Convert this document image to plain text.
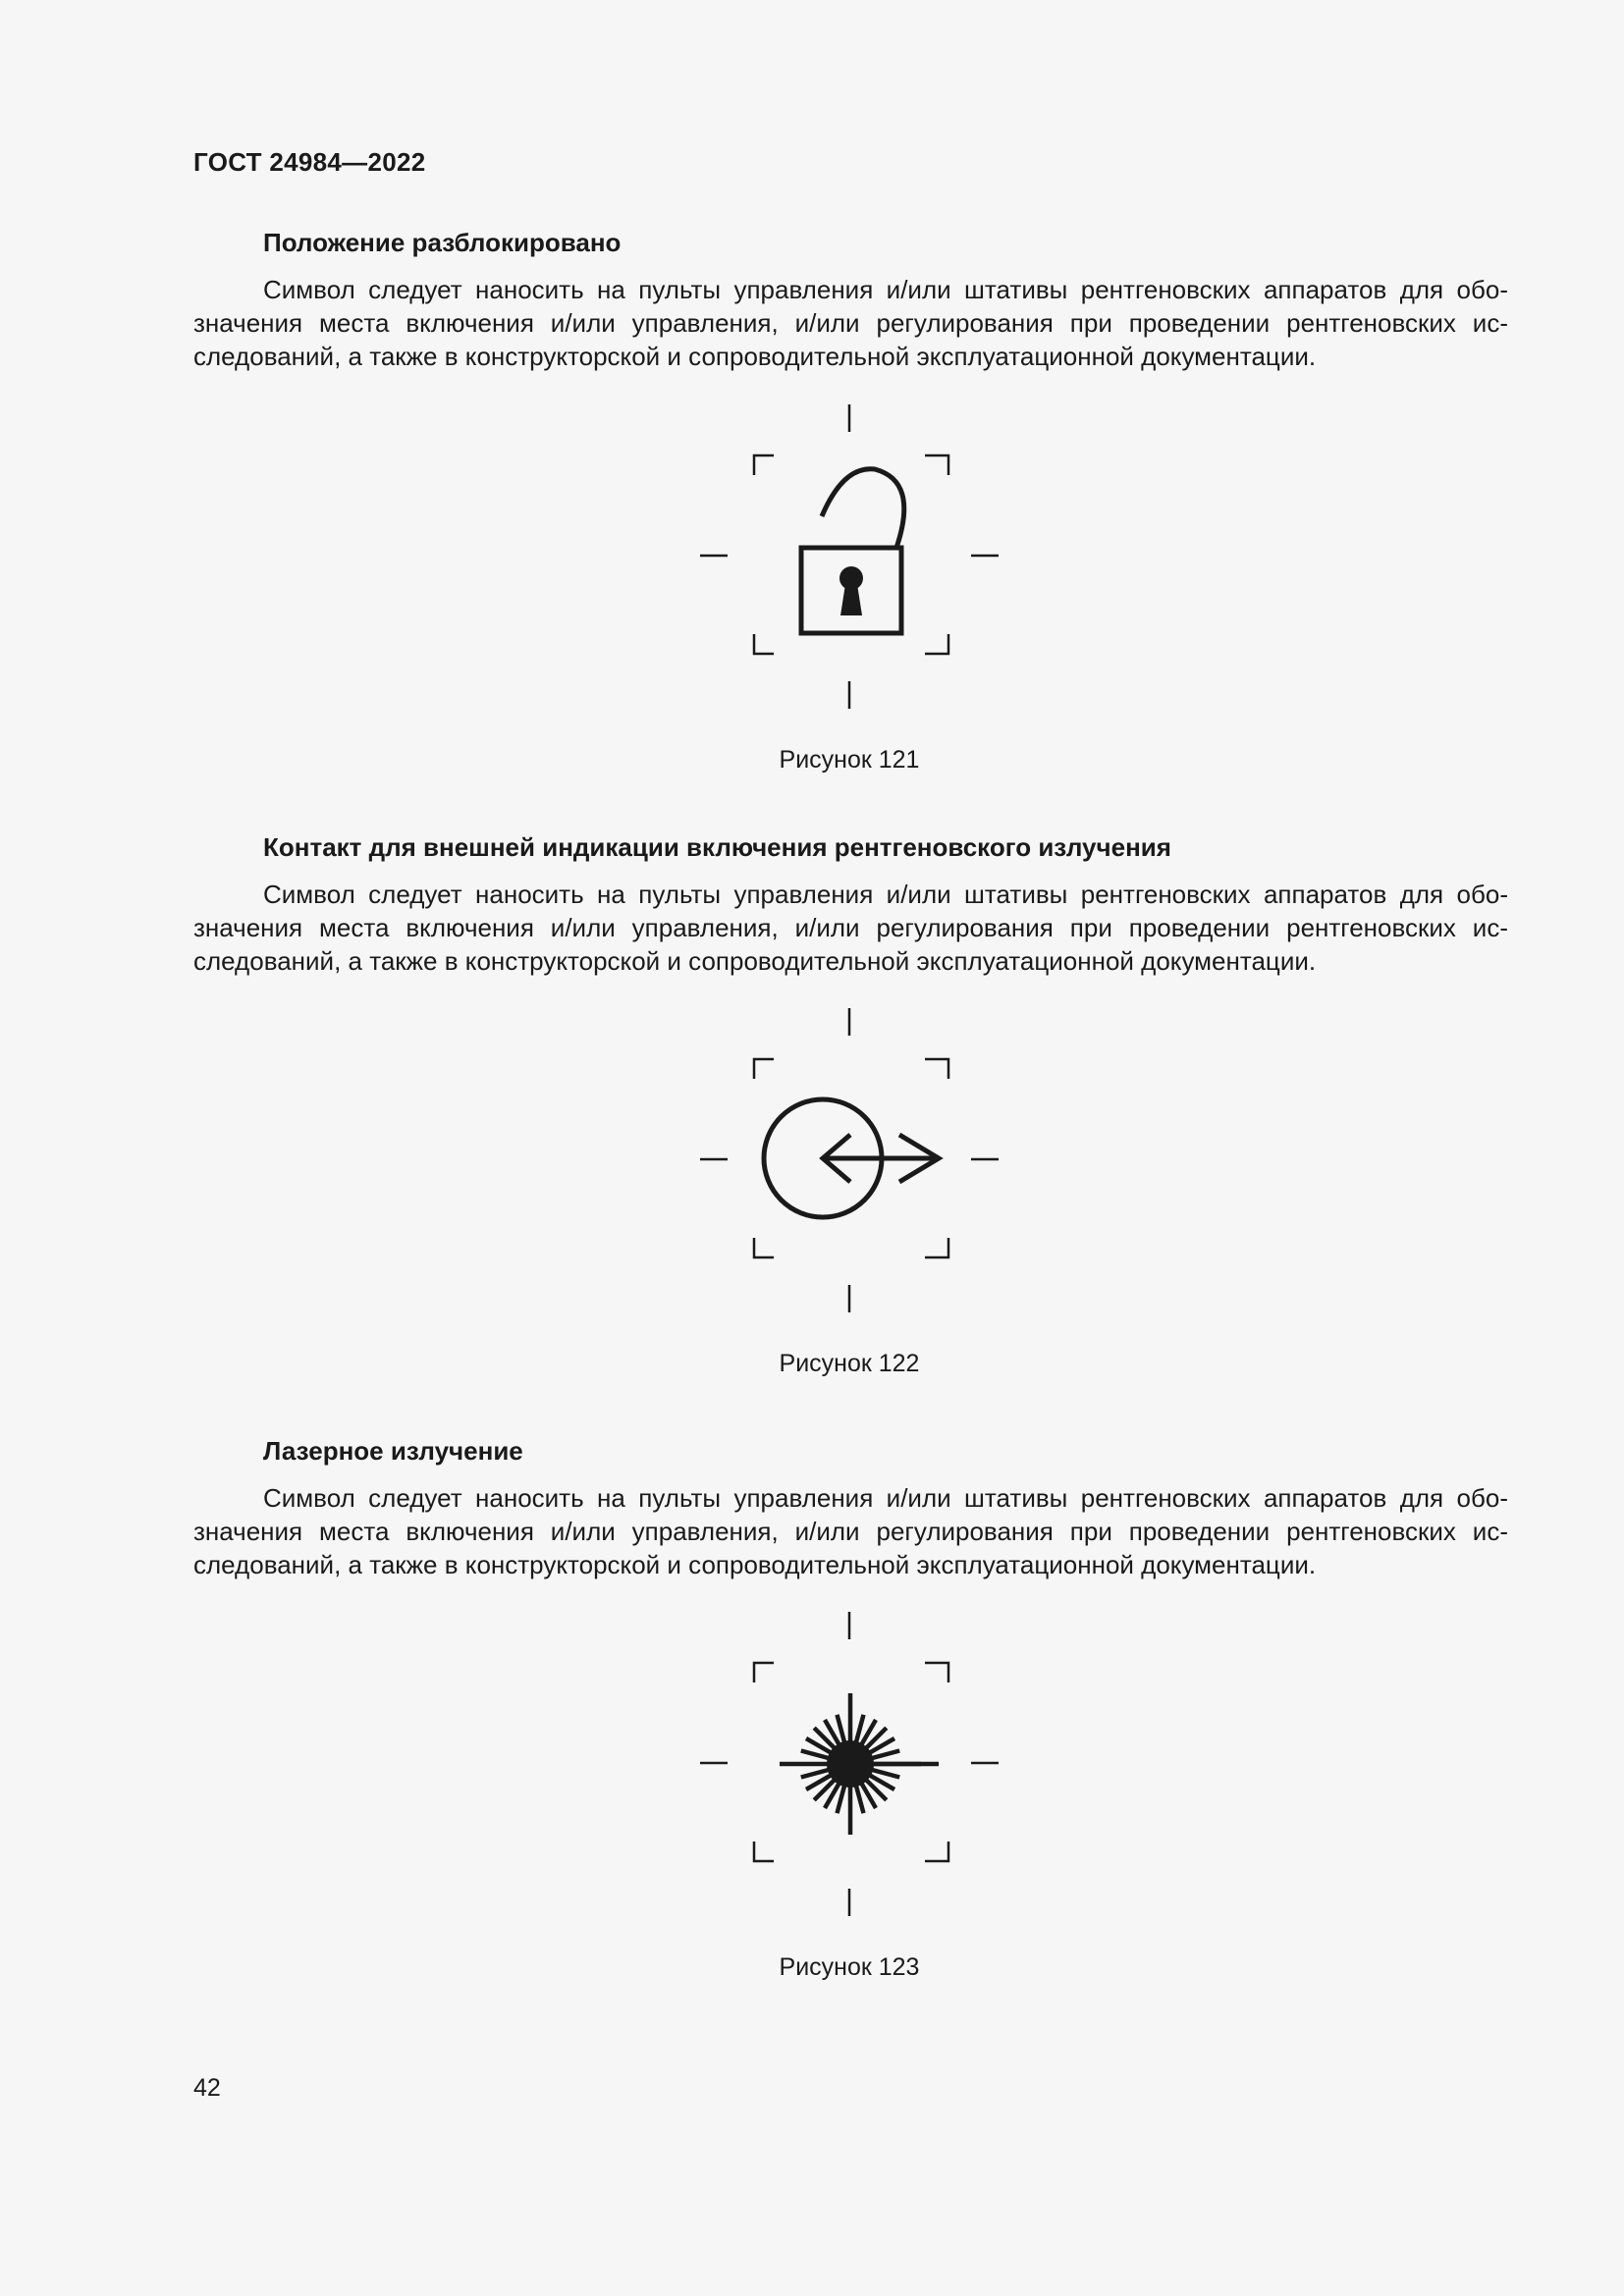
ГОСТ 24984—2022
Положение разблокировано
Символ следует наносить на пульты управления и/или штативы рентгеновских аппаратов для обо-
значения места включения и/или управления, и/или регулирования при проведении рентгеновских ис-
следований, а также в конструкторской и сопроводительной эксплуатационной документации.
Рисунок 121
Контакт для внешней индикации включения рентгеновского излучения
Символ следует наносить на пульты управления и/или штативы рентгеновских аппаратов для обо-
значения места включения и/или управления, и/или регулирования при проведении рентгеновских ис-
следований, а также в конструкторской и сопроводительной эксплуатационной документации.
Рисунок 122
Лазерное излучение
Символ следует наносить на пульты управления и/или штативы рентгеновских аппаратов для обо-
значения места включения и/или управления, и/или регулирования при проведении рентгеновских ис-
следований, а также в конструкторской и сопроводительной эксплуатационной документации.
Рисунок 123
42
